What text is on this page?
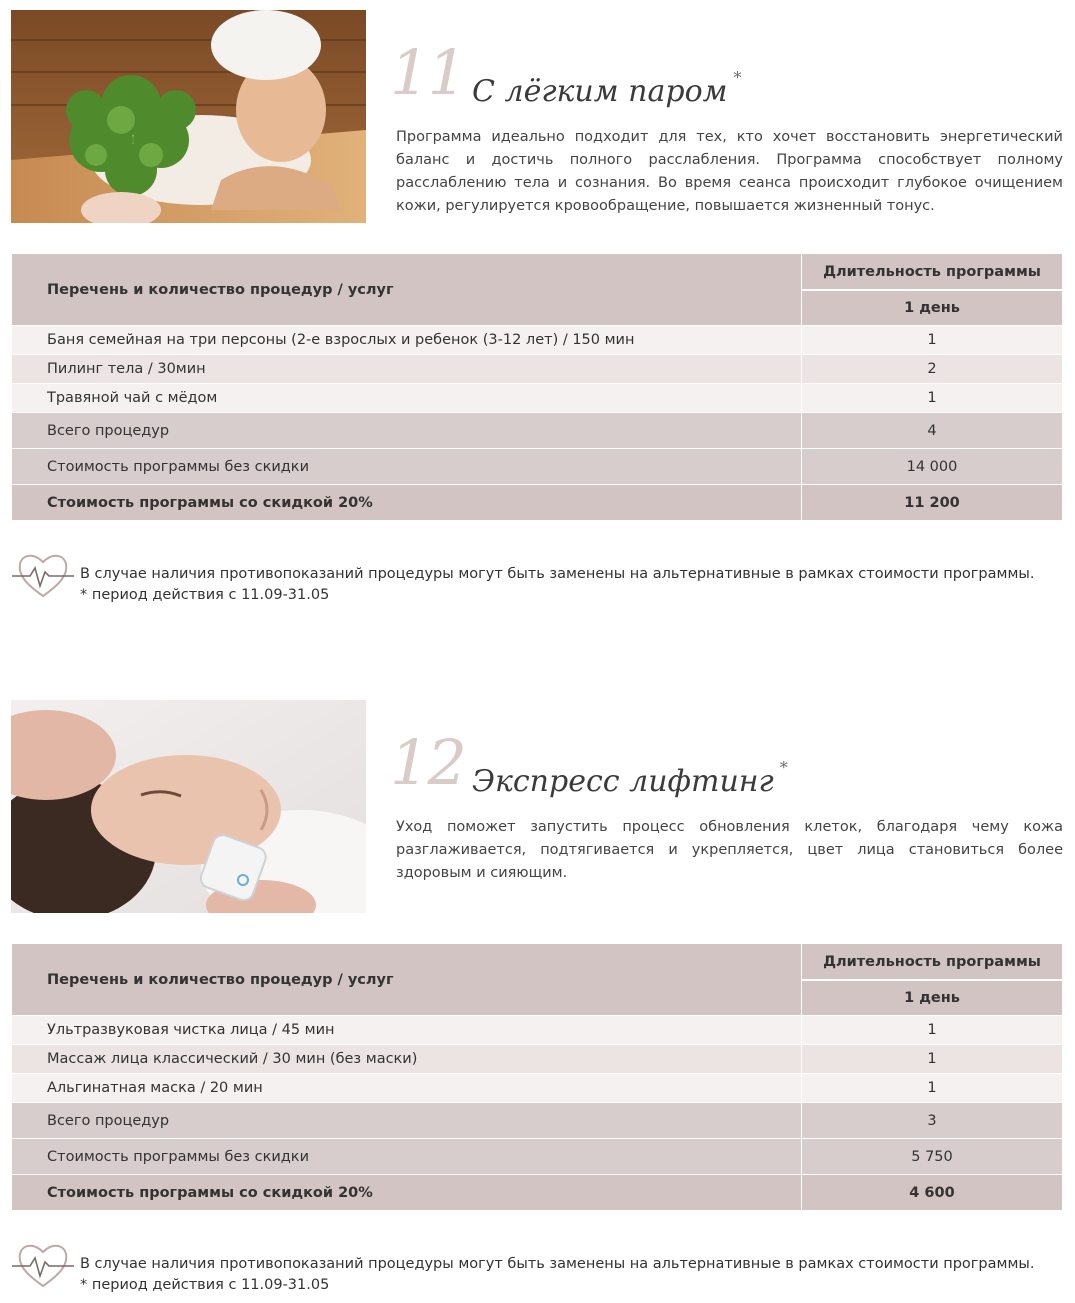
11 С лёгким паром *
Программа идеально подходит для тех, кто хочет восстановить энергетический баланс и достичь полного расслабления. Программа способствует полному расслаблению тела и сознания. Во время сеанса происходит глубокое очищением кожи, регулируется кровообращение, повышается жизненный тонус.
Перечень и количество процедур / услуг	Длительность программы
	1 день
Баня семейная на три персоны (2-е взрослых и ребенок (3-12 лет) / 150 мин	1
Пилинг тела / 30мин	2
Травяной чай с мёдом	1
Всего процедур	4
Стоимость программы без скидки	14 000
Стоимость программы со скидкой 20%	11 200
В случае наличия противопоказаний процедуры могут быть заменены на альтернативные в рамках стоимости программы.
* период действия с 11.09-31.05
12 Экспресс лифтинг *
Уход поможет запустить процесс обновления клеток, благодаря чему кожа разглаживается, подтягивается и укрепляется, цвет лица становиться более здоровым и сияющим.
Перечень и количество процедур / услуг	Длительность программы
	1 день
Ультразвуковая чистка лица / 45 мин	1
Массаж лица классический / 30 мин (без маски)	1
Альгинатная маска / 20 мин	1
Всего процедур	3
Стоимость программы без скидки	5 750
Стоимость программы со скидкой 20%	4 600
В случае наличия противопоказаний процедуры могут быть заменены на альтернативные в рамках стоимости программы.
* период действия с 11.09-31.05
